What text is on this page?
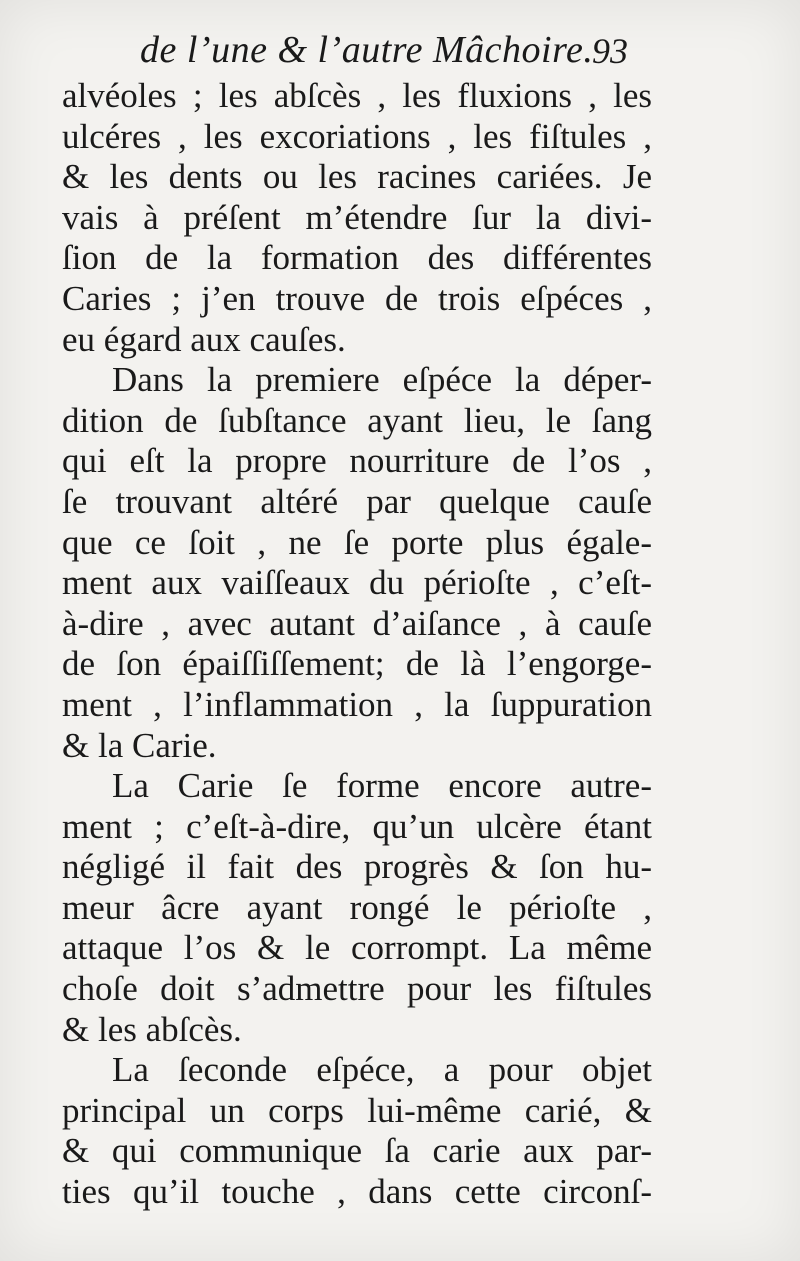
de l’une & l’autre Mâchoire.
93
alvéoles ; les abſcès , les fluxions , les
ulcéres , les excoriations , les fiſtules ,
& les dents ou les racines cariées. Je
vais à préſent m’étendre ſur la divi-
ſion de la formation des différentes
Caries ; j’en trouve de trois eſpéces ,
eu égard aux cauſes.
Dans la premiere eſpéce la déper-
dition de ſubſtance ayant lieu, le ſang
qui eſt la propre nourriture de l’os ,
ſe trouvant altéré par quelque cauſe
que ce ſoit , ne ſe porte plus égale-
ment aux vaiſſeaux du périoſte , c’eſt-
à-dire , avec autant d’aiſance , à cauſe
de ſon épaiſſiſſement; de là l’engorge-
ment , l’inflammation , la ſuppuration
& la Carie.
La Carie ſe forme encore autre-
ment ; c’eſt-à-dire, qu’un ulcère étant
négligé il fait des progrès & ſon hu-
meur âcre ayant rongé le périoſte ,
attaque l’os & le corrompt. La même
choſe doit s’admettre pour les fiſtules
& les abſcès.
La ſeconde eſpéce, a pour objet
principal un corps lui-même carié, &
& qui communique ſa carie aux par-
ties qu’il touche , dans cette circonſ-
